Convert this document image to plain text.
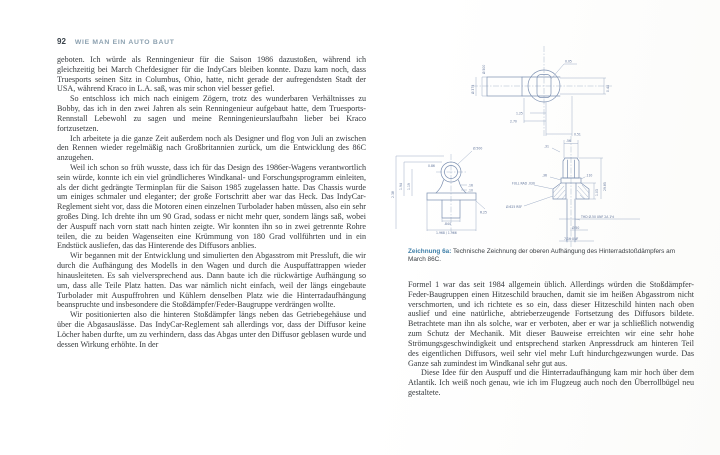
92 WIE MAN EIN AUTO BAUT

geboten. Ich würde als Renningenieur für die Saison 1986 dazustoßen, während ich gleichzeitig bei March Chefdesigner für die IndyCars bleiben konnte. Dazu kam noch, dass Truesports seinen Sitz in Columbus, Ohio, hatte, nicht gerade der aufregendsten Stadt der USA, während Kraco in L.A. saß, was mir schon viel besser gefiel.

So entschloss ich mich nach einigem Zögern, trotz des wunderbaren Verhältnisses zu Bobby, das ich in den zwei Jahren als sein Renningenieur aufgebaut hatte, dem Truesports-Rennstall Lebewohl zu sagen und meine Renningenieurslaufbahn lieber bei Kraco fortzusetzen.

Ich arbeitete ja die ganze Zeit außerdem noch als Designer und flog von Juli an zwischen den Rennen wieder regelmäßig nach Großbritannien zurück, um die Entwicklung des 86C anzugehen.

Weil ich schon so früh wusste, dass ich für das Design des 1986er-Wagens verantwortlich sein würde, konnte ich ein viel gründlicheres Windkanal- und Forschungsprogramm einleiten, als der dicht gedrängte Terminplan für die Saison 1985 zugelassen hatte. Das Chassis wurde um einiges schmaler und eleganter; der große Fortschritt aber war das Heck. Das IndyCar-Reglement sieht vor, dass die Motoren einen einzelnen Turbolader haben müssen, also ein sehr großes Ding. Ich drehte ihn um 90 Grad, sodass er nicht mehr quer, sondern längs saß, wobei der Auspuff nach vorn statt nach hinten zeigte. Wir konnten ihn so in zwei getrennte Rohre teilen, die zu beiden Wagenseiten eine Krümmung von 180 Grad vollführten und in ein Endstück ausliefen, das das Hinterende des Diffusors anblies.

Wir begannen mit der Entwicklung und simulierten den Abgasstrom mit Pressluft, die wir durch die Aufhängung des Modells in den Wagen und durch die Auspuffattrappen wieder hinausleiteten. Es sah vielversprechend aus. Dann baute ich die rückwärtige Aufhängung so um, dass alle Teile Platz hatten. Das war nämlich nicht einfach, weil der längs eingebaute Turbolader mit Auspuffrohren und Kühlern denselben Platz wie die Hinterradaufhängung beanspruchte und insbesondere die Stoßdämpfer/Feder-Baugruppe verdrängen wollte.

Wir positionierten also die hinteren Stoßdämpfer längs neben das Getriebegehäuse und über die Abgasauslässe. Das IndyCar-Reglement sah allerdings vor, dass der Diffusor keine Löcher haben durfte, um zu verhindern, dass das Abgas unter den Diffusor geblasen wurde und dessen Wirkung erhöhte. In der

0.05
Ø.500
Ø.375	0.44
1.25
2.70
0.51
Ø.500
2.38
1.94 1.19
0.86
.16
.10
R.25
.844
1.968 / 1.966
.56
.31
.36	.110
1.03
FULL RAD .030
Ø.625 REF
THD Ø.50 UNF 2A 1½
Ø.50
7/16 UNF
29.85
Zeichnung 6a: Technische Zeichnung der oberen Aufhängung des Hinterradstoßdämpfers am March 86C.

Formel 1 war das seit 1984 allgemein üblich. Allerdings würden die Stoßdämpfer-Feder-Baugruppen einen Hitzeschild brauchen, damit sie im heißen Abgasstrom nicht verschmorten, und ich richtete es so ein, dass dieser Hitzeschild hinten nach oben auslief und eine natürliche, abtrieberzeugende Fortsetzung des Diffusors bildete. Betrachtete man ihn als solche, war er verboten, aber er war ja schließlich notwendig zum Schutz der Mechanik. Mit dieser Bauweise erreichten wir eine sehr hohe Strömungsgeschwindigkeit und entsprechend starken Anpressdruck am hinteren Teil des eigentlichen Diffusors, weil sehr viel mehr Luft hindurchgezwungen wurde. Das Ganze sah zumindest im Windkanal sehr gut aus.

Diese Idee für den Auspuff und die Hinterradaufhängung kam mir hoch über dem Atlantik. Ich weiß noch genau, wie ich im Flugzeug auch noch den Überrollbügel neu gestaltete.
